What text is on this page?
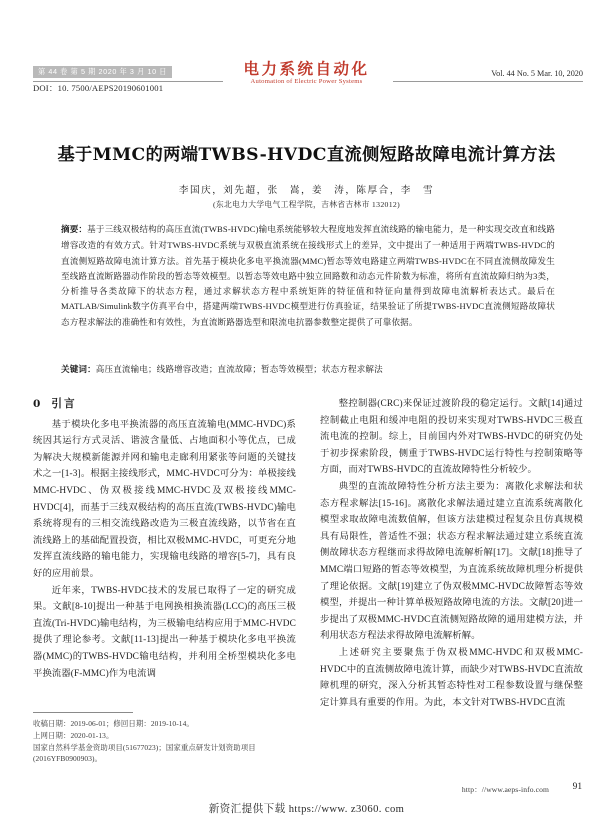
第 44 卷 第 5 期 2020 年 3 月 10 日
DOI：10. 7500/AEPS20190601001
电力系统自动化
Automation of Electric Power Systems
Vol. 44 No. 5 Mar. 10, 2020
基于MMC的两端TWBS-HVDC直流侧短路故障电流计算方法
李国庆，刘先超，张　嵩，姜　涛，陈厚合，李　雪
(东北电力大学电气工程学院，吉林省吉林市 132012)
摘要：基于三线双极结构的高压直流(TWBS-HVDC)输电系统能够较大程度地发挥直流线路的输电能力，是一种实现交改直和线路增容改造的有效方式。针对TWBS-HVDC系统与双极直流系统在接线形式上的差异，文中提出了一种适用于两端TWBS-HVDC的直流侧短路故障电流计算方法。首先基于模块化多电平换流器(MMC)暂态等效电路建立两端TWBS-HVDC在不同直流侧故障发生至线路直流断路器动作阶段的暂态等效模型。以暂态等效电路中独立回路数和动态元件阶数为标准，将所有直流故障归纳为3类，分析推导各类故障下的状态方程，通过求解状态方程中系统矩阵的特征值和特征向量得到故障电流解析表达式。最后在MATLAB/Simulink数字仿真平台中，搭建两端TWBS-HVDC模型进行仿真验证，结果验证了所提TWBS-HVDC直流侧短路故障状态方程求解法的准确性和有效性，为直流断路器选型和限流电抗器参数整定提供了可靠依据。
关键词：高压直流输电；线路增容改造；直流故障；暂态等效模型；状态方程求解法
0 引言

基于模块化多电平换流器的高压直流输电(MMC-HVDC)系统因其运行方式灵活、谐波含量低、占地面积小等优点，已成为解决大规模新能源并网和输电走廊利用紧张等问题的关键技术之一[1-3]。根据主接线形式，MMC-HVDC可分为：单极接线MMC-HVDC、伪双极接线MMC-HVDC及双极接线MMC-HVDC[4]，而基于三线双极结构的高压直流(TWBS-HVDC)输电系统将现有的三相交流线路改造为三极直流线路，以节省在直流线路上的基础配置投资，相比双极MMC-HVDC，可更充分地发挥直流线路的输电能力，实现输电线路的增容[5-7]，具有良好的应用前景。

近年来，TWBS-HVDC技术的发展已取得了一定的研究成果。文献[8-10]提出一种基于电网换相换流器(LCC)的高压三极直流(Tri-HVDC)输电结构，为三极输电结构应用于MMC-HVDC提供了理论参考。文献[11-13]提出一种基于模块化多电平换流器(MMC)的TWBS-HVDC输电结构，并利用全桥型模块化多电平换流器(F-MMC)作为电流调

整控制器(CRC)来保证过渡阶段的稳定运行。文献[14]通过控制截止电阻和缓冲电阻的投切来实现对TWBS-HVDC三极直流电流的控制。综上，目前国内外对TWBS-HVDC的研究仍处于初步探索阶段，侧重于TWBS-HVDC运行特性与控制策略等方面，而对TWBS-HVDC的直流故障特性分析较少。

典型的直流故障特性分析方法主要为：离散化求解法和状态方程求解法[15-16]。离散化求解法通过建立直流系统离散化模型求取故障电流数值解，但该方法建模过程复杂且仿真规模具有局限性，普适性不强；状态方程求解法通过建立系统直流侧故障状态方程继而求得故障电流解析解[17]。文献[18]推导了MMC端口短路的暂态等效模型，为直流系统故障机理分析提供了理论依据。文献[19]建立了伪双极MMC-HVDC故障暂态等效模型，并提出一种计算单极短路故障电流的方法。文献[20]进一步提出了双极MMC-HVDC直流侧短路故障的通用建模方法，并利用状态方程法求得故障电流解析解。

上述研究主要聚焦于伪双极MMC-HVDC和双极MMC-HVDC中的直流侧故障电流计算，而缺少对TWBS-HVDC直流故障机理的研究，深入分析其暂态特性对工程参数设置与继保整定计算具有重要的作用。为此，本文针对TWBS-HVDC直流

收稿日期：2019-06-01；修回日期：2019-10-14。
上网日期：2020-01-13。
国家自然科学基金资助项目(51677023)；国家重点研发计划资助项目(2016YFB0900903)。
http：//www.aeps-info.com	91
新资汇提供下载 https://www. z3060. com
